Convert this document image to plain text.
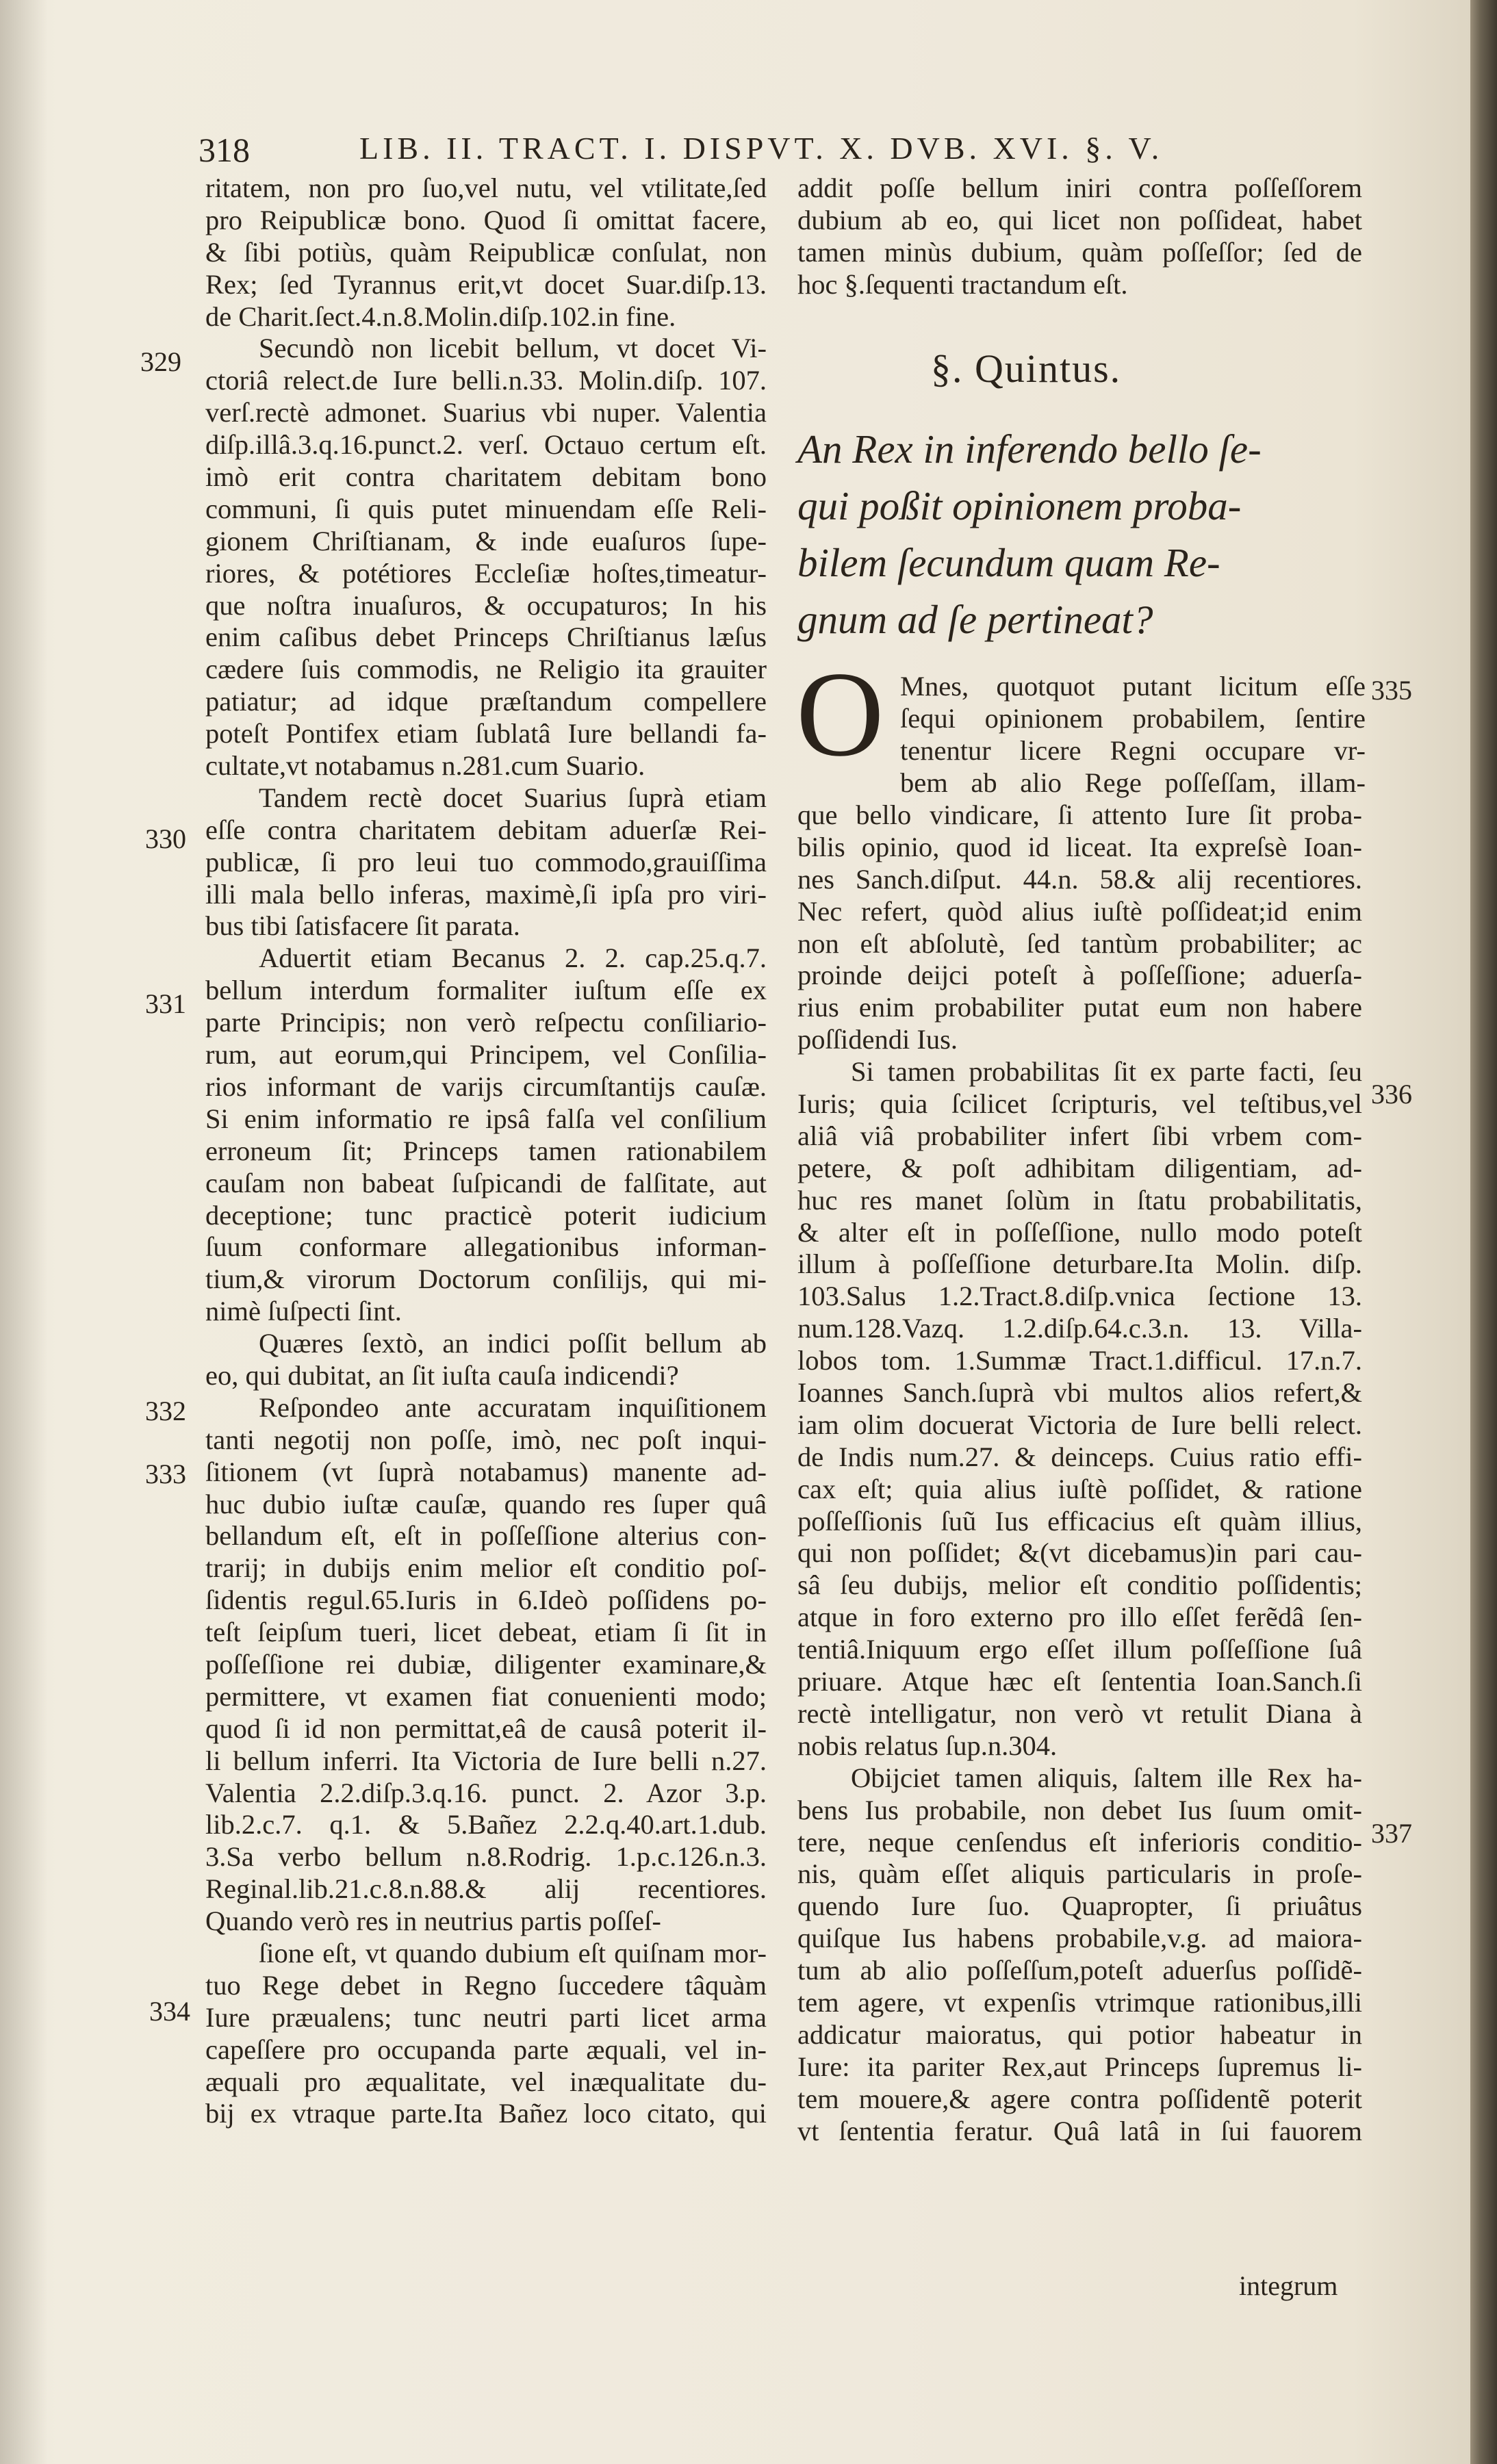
318	LIB. II. TRACT. I. DISPVT. X. DVB. XVI. §. V.
ritatem, non pro ſuo,vel nutu, vel vtilitate,ſed
pro Reipublicæ bono. Quod ſi omittat facere,
& ſibi potiùs, quàm Reipublicæ conſulat, non
Rex; ſed Tyrannus erit,vt docet Suar.diſp.13.
de Charit.ſect.4.n.8.Molin.diſp.102.in fine.
Secundò non licebit bellum, vt docet Vi-
ctoriâ relect.de Iure belli.n.33. Molin.diſp. 107.
verſ.rectè admonet. Suarius vbi nuper. Valentia
diſp.illâ.3.q.16.punct.2. verſ. Octauo certum eſt.
imò erit contra charitatem debitam bono
communi, ſi quis putet minuendam eſſe Reli-
gionem Chriſtianam, & inde euaſuros ſupe-
riores, & potétiores Eccleſiæ hoſtes,timeatur-
que noſtra inuaſuros, & occupaturos; In his
enim caſibus debet Princeps Chriſtianus læſus
cædere ſuis commodis, ne Religio ita grauiter
patiatur; ad idque præſtandum compellere
poteſt Pontifex etiam ſublatâ Iure bellandi fa-
cultate,vt notabamus n.281.cum Suario.
Tandem rectè docet Suarius ſuprà etiam
eſſe contra charitatem debitam aduerſæ Rei-
publicæ, ſi pro leui tuo commodo,grauiſſima
illi mala bello inferas, maximè,ſi ipſa pro viri-
bus tibi ſatisfacere ſit parata.
Aduertit etiam Becanus 2. 2. cap.25.q.7.
bellum interdum formaliter iuſtum eſſe ex
parte Principis; non verò reſpectu conſiliario-
rum, aut eorum,qui Principem, vel Conſilia-
rios informant de varijs circumſtantijs cauſæ.
Si enim informatio re ipsâ falſa vel conſilium
erroneum ſit; Princeps tamen rationabilem
cauſam non babeat ſuſpicandi de falſitate, aut
deceptione; tunc practicè poterit iudicium
ſuum conformare allegationibus informan-
tium,& virorum Doctorum conſilijs, qui mi-
nimè ſuſpecti ſint.
Quæres ſextò, an indici poſſit bellum ab
eo, qui dubitat, an ſit iuſta cauſa indicendi?
Reſpondeo ante accuratam inquiſitionem
tanti negotij non poſſe, imò, nec poſt inqui-
ſitionem (vt ſuprà notabamus) manente ad-
huc dubio iuſtæ cauſæ, quando res ſuper quâ
bellandum eſt, eſt in poſſeſſione alterius con-
trarij; in dubijs enim melior eſt conditio poſ-
ſidentis regul.65.Iuris in 6.Ideò poſſidens po-
teſt ſeipſum tueri, licet debeat, etiam ſi ſit in
poſſeſſione rei dubiæ, diligenter examinare,&
permittere, vt examen fiat conuenienti modo;
quod ſi id non permittat,eâ de causâ poterit il-
li bellum inferri. Ita Victoria de Iure belli n.27.
Valentia 2.2.diſp.3.q.16. punct. 2. Azor 3.p.
lib.2.c.7. q.1. & 5.Bañez 2.2.q.40.art.1.dub.
3.Sa verbo bellum n.8.Rodrig. 1.p.c.126.n.3.
Reginal.lib.21.c.8.n.88.& alij recentiores.
Quando verò res in neutrius partis poſſeſ-
ſione eſt, vt quando dubium eſt quiſnam mor-
tuo Rege debet in Regno ſuccedere tâquàm
Iure præualens; tunc neutri parti licet arma
capeſſere pro occupanda parte æquali, vel in-
æquali pro æqualitate, vel inæqualitate du-
bij ex vtraque parte.Ita Bañez loco citato, qui
addit poſſe bellum iniri contra poſſeſſorem
dubium ab eo, qui licet non poſſideat, habet
tamen minùs dubium, quàm poſſeſſor; ſed de
hoc §.ſequenti tractandum eſt.
§. Quintus.
An Rex in inferendo bello ſe-
qui poßit opinionem proba-
bilem ſecundum quam Re-
gnum ad ſe pertineat?
O Mnes, quotquot putant licitum eſſe
ſequi opinionem probabilem, ſentire
tenentur licere Regni occupare vr-
bem ab alio Rege poſſeſſam, illam-
que bello vindicare, ſi attento Iure ſit proba-
bilis opinio, quod id liceat. Ita expreſsè Ioan-
nes Sanch.diſput. 44.n. 58.& alij recentiores.
Nec refert, quòd alius iuſtè poſſideat;id enim
non eſt abſolutè, ſed tantùm probabiliter; ac
proinde deijci poteſt à poſſeſſione; aduerſa-
rius enim probabiliter putat eum non habere
poſſidendi Ius.
Si tamen probabilitas ſit ex parte facti, ſeu
Iuris; quia ſcilicet ſcripturis, vel teſtibus,vel
aliâ viâ probabiliter infert ſibi vrbem com-
petere, & poſt adhibitam diligentiam, ad-
huc res manet ſolùm in ſtatu probabilitatis,
& alter eſt in poſſeſſione, nullo modo poteſt
illum à poſſeſſione deturbare.Ita Molin. diſp.
103.Salus 1.2.Tract.8.diſp.vnica ſectione 13.
num.128.Vazq. 1.2.diſp.64.c.3.n. 13. Villa-
lobos tom. 1.Summæ Tract.1.difficul. 17.n.7.
Ioannes Sanch.ſuprà vbi multos alios refert,&
iam olim docuerat Victoria de Iure belli relect.
de Indis num.27. & deinceps. Cuius ratio effi-
cax eſt; quia alius iuſtè poſſidet, & ratione
poſſeſſionis ſuũ Ius efficacius eſt quàm illius,
qui non poſſidet; &(vt dicebamus)in pari cau-
sâ ſeu dubijs, melior eſt conditio poſſidentis;
atque in foro externo pro illo eſſet ferẽdâ ſen-
tentiâ.Iniquum ergo eſſet illum poſſeſſione ſuâ
priuare. Atque hæc eſt ſententia Ioan.Sanch.ſi
rectè intelligatur, non verò vt retulit Diana à
nobis relatus ſup.n.304.
Obijciet tamen aliquis, ſaltem ille Rex ha-
bens Ius probabile, non debet Ius ſuum omit-
tere, neque cenſendus eſt inferioris conditio-
nis, quàm eſſet aliquis particularis in proſe-
quendo Iure ſuo. Quapropter, ſi priuâtus
quiſque Ius habens probabile,v.g. ad maiora-
tum ab alio poſſeſſum,poteſt aduerſus poſſidẽ-
tem agere, vt expenſis vtrimque rationibus,illi
addicatur maioratus, qui potior habeatur in
Iure: ita pariter Rex,aut Princeps ſupremus li-
tem mouere,& agere contra poſſidentẽ poterit
vt ſententia feratur. Quâ latâ in ſui fauorem
integrum
329
330
331
332
333
334
335
336
337
